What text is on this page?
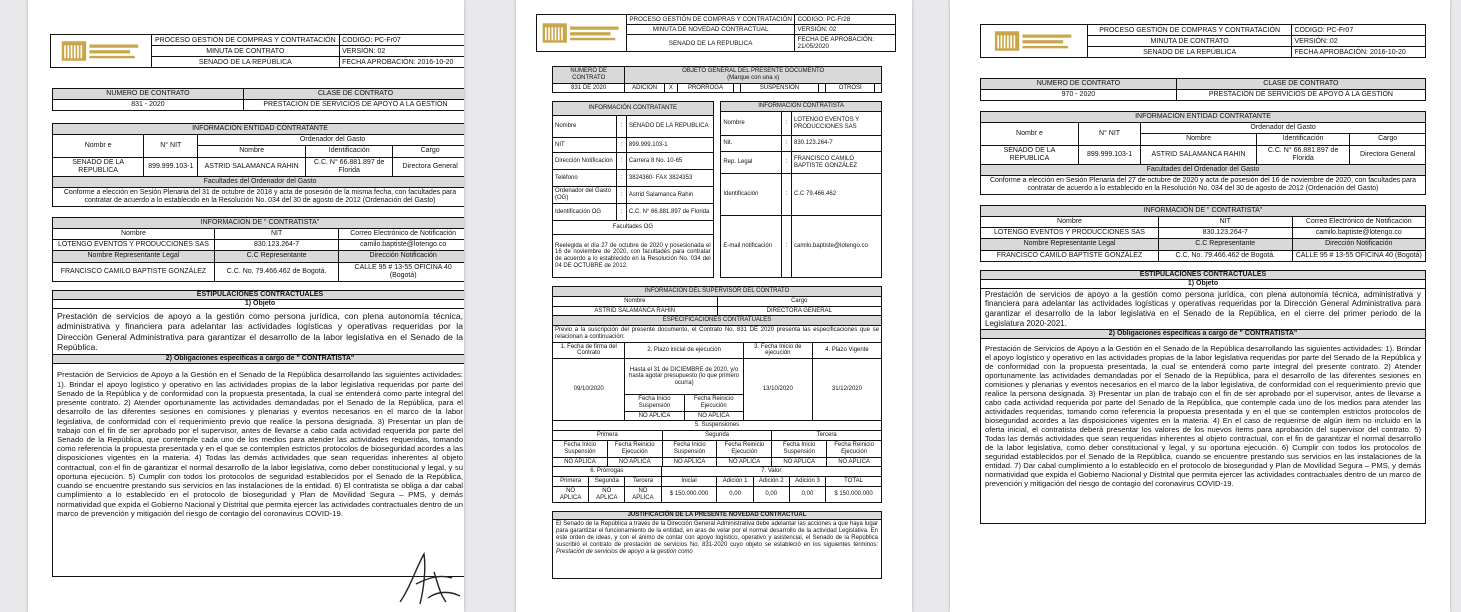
	PROCESO GESTIÓN DE COMPRAS Y CONTRATACIÓN	CODIGO: PC-Fr07
	MINUTA DE CONTRATO	VERSIÓN: 02
	SENADO DE LA REPÚBLICA	FECHA APROBACIÓN: 2016-10-20
NUMERO DE CONTRATO	CLASE DE CONTRATO
831 - 2020	PRESTACIÓN DE SERVICIOS DE APOYO A LA GESTIÓN
INFORMACIÓN ENTIDAD CONTRATANTE				
Nombr e	N° NIT	Ordenador del Gasto		
		Nombre	Identificación	Cargo
SENADO DE LA REPUBLICA	899.999.103-1	ASTRID SALAMANCA RAHIN	C.C. N° 66.881.897 de Florida	Directora General
Facultades del Ordenador del Gasto				
Conforme a elección en Sesión Plenaria del 31 de octubre de 2018 y acta de posesión de la misma fecha, con facultades para contratar de acuerdo a lo establecido en la Resolución No. 034 del 30 de agosto de 2012 (Ordenación del Gasto)				
INFORMACIÓN DE " CONTRATISTA"		
Nombre	NIT	Correo Electrónico de Notificación
LOTENGO EVENTOS Y PRODUCCIONES SAS	830.123.264-7	camilo.baptiste@lotengo.co
Nombre Representante Legal	C.C Representante	Dirección Notificación
FRANCISCO CAMILO BAPTISTE GONZÁLEZ	C.C. No. 79.466.462 de Bogotá.	CALLE 95 # 13-55 OFICINA 40 (Bogotá)
ESTIPULACIONES CONTRACTUALES
1) Objeto
Prestación de servicios de apoyo a la gestión como persona jurídica, con plena autonomía técnica, administrativa y financiera para adelantar las actividades logísticas y operativas requeridas por la Dirección General Administrativa para garantizar el desarrollo de la labor legislativa en el Senado de la República.
2) Obligaciones específicas a cargo de " CONTRATISTA"
Prestación de Servicios de Apoyo a la Gestión en el Senado de la República desarrollando las siguientes actividades: 1). Brindar el apoyo logístico y operativo en las actividades propias de la labor legislativa requeridas por parte del Senado de la República y de conformidad con la propuesta presentada, la cual se entenderá como parte integral del presente contrato. 2) Atender oportunamente las actividades demandadas por el Senado de la República, para el desarrollo de las diferentes sesiones en comisiones y plenarias y eventos necesarios en el marco de la labor legislativa, de conformidad con el requerimiento previo que realice la persona designada. 3) Presentar un plan de trabajo con el fin de ser aprobado por el supervisor, antes de llevarse a cabo cada actividad requerida por parte del Senado de la República, que contemple cada uno de los medios para atender las actividades requeridas, tomando como referencia la propuesta presentada y en el que se contemplen estrictos protocolos de bioseguridad acordes a las disposiciones vigentes en la materia. 4) Todas las demás actividades que sean requeridas inherentes al objeto contractual, con el fin de garantizar el normal desarrollo de la labor legislativa, como deber constitucional y legal, y su oportuna ejecución. 5) Cumplir con todos los protocolos de seguridad establecidos por el Senado de la República, cuando se encuentre prestando sus servicios en las instalaciones de la entidad. 6) El contratista se obliga a dar cabal cumplimiento a lo establecido en el protocolo de bioseguridad y Plan de Movilidad Segura – PMS, y demás normatividad que expida el Gobierno Nacional y Distrital que permita ejercer las actividades contractuales dentro de un marco de prevención y mitigación del riesgo de contagio del coronavirus COVID-19.
	PROCESO GESTIÓN DE COMPRAS Y CONTRATACIÓN	CODIGO: PC-Fr28
	MINUTA DE NOVEDAD CONTRACTUAL	VERSIÓN: 02
	SENADO DE LA REPUBLICA	FECHA DE APROBACIÓN: 21/05/2020
NUMERO DE CONTRATO	OBJETO GENERAL DEL PRESENTE DOCUMENTO
(Marque con una x)							

831 DE 2020	ADICIÓN	X	PRORROGA		SUSPENSIÓN		OTROSÍ	
INFORMACIÓN CONTRATANTE		
Nombre	:	SENADO DE LA REPUBLICA
NIT	:	899.999.103-1
Dirección Notificación	:	Carrera 8 No. 10-65
Teléfono	:	3824360- FAX 3824353
Ordenador del Gasto (OG)	:	Astrid Salamanca Rahin
Identificación OG	:	C.C. N° 66.881.897 de Florida
Facultades OG		
Reelegida el día 27 de octubre de 2020 y posesionada el 16 de noviembre de 2020, con facultades para contratar de acuerdo a lo establecido en la Resolución No. 034 del 04 DE OCTUBRE de 2012.		
INFORMACIÓN CONTRATISTA		
Nombre	:	LOTENGO EVENTOS Y PRODUCCIONES SAS
Nit.	:	830.123.264-7
Rep. Legal	:	FRANCISCO CAMILO BAPTISTE GONZÁLEZ
Identificación	:	C.C 79.466.462
E-mail notificación	:	camilo.baptiste@lotengo.co
INFORMACIÓN DEL SUPERVISOR DEL CONTRATO	
Nombre	Cargo
ASTRID SALAMANCA RAHIN	DIRECTORA GENERAL
ESPECIFICACIONES CONTRATUALES	
Previo a la suscripción del presente documento, el Contrato No. 831 DE 2020 presenta las especificaciones que se relacionan a continuación:	
1. Fecha de firma del Contrato	2. Plazo inicial de ejecución		3. Fecha Inicio de ejecución	4. Plazo Vigente
09/10/2020	Hasta el 31 de DICIEMBRE de 2020, y/o hasta agotar presupuesto (lo que primero ocurra)		13/10/2020	31/12/2020
	Fecha Inicio Suspensión	Fecha Reinicio Ejecución		
	NO APLICA	NO APLICA		
5. Suspensiones					
Primera		Segunda		Tercera	
Fecha Inicio Suspensión	Fecha Reinicio Ejecución	Fecha Inicio Suspensión	Fecha Reinicio Ejecución	Fecha Inicio Suspensión	Fecha Reinicio Ejecución
NO APLICA	NO APLICA	NO APLICA	NO APLICA	NO APLICA	NO APLICA
6. Prórrogas			7. Valor				
Primera	Segunda	Tercera	Inicial	Adición 1	Adición 2	Adición 3	TOTAL
NO APLICA	NO APLICA	NO APLICA	$ 150.000.000	0,00	0,00	0,00	$ 150.000.000
JUSTIFICACIÓN DE LA PRESENTE NOVEDAD CONTRACTUAL
El Senado de la República a través de la Dirección General Administrativa debe adelantar las acciones a que haya lugar para garantizar el funcionamiento de la entidad, en aras de velar por el normal desarrollo de la actividad Legislativa. En este orden de ideas, y con el ánimo de contar con apoyo logístico, operativo y asistencial, el Senado de la República suscribió el contrato de prestación de servicios No. 831-2020 cuyo objeto se estableció en los siguientes términos: Prestación de servicios de apoyo a la gestión como
	PROCESO GESTIÓN DE COMPRAS Y CONTRATACIÓN	CODIGO: PC-Fr07
	MINUTA DE CONTRATO	VERSIÓN: 02
	SENADO DE LA REPÚBLICA	FECHA APROBACIÓN: 2016-10-20
NUMERO DE CONTRATO	CLASE DE CONTRATO
970 - 2020	PRESTACIÓN DE SERVICIOS DE APOYO A LA GESTIÓN
INFORMACIÓN ENTIDAD CONTRATANTE				
Nombr e	N° NIT	Ordenador del Gasto		
		Nombre	Identificación	Cargo
SENADO DE LA REPUBLICA	899.999.103-1	ASTRID SALAMANCA RAHIN	C.C. N° 66.881.897 de Florida	Directora General
Facultades del Ordenador del Gasto				
Conforme a elección en Sesión Plenaria del 27 de octubre de 2020 y acta de posesión del 16 de noviembre de 2020, con facultades para contratar de acuerdo a lo establecido en la Resolución No. 034 del 30 de agosto de 2012 (Ordenación del Gasto)				
INFORMACIÓN DE " CONTRATISTA"		
Nombre	NIT	Correo Electrónico de Notificación
LOTENGO EVENTOS Y PRODUCCIONES SAS	830.123.264-7	camilo.baptiste@lotengo.co
Nombre Representante Legal	C.C Representante	Dirección Notificación
FRANCISCO CAMILO BAPTISTE GONZÁLEZ	C.C. No. 79.466.462 de Bogotá.	CALLE 95 # 13-55 OFICINA 40 (Bogotá)
ESTIPULACIONES CONTRACTUALES
1) Objeto
Prestación de servicios de apoyo a la gestión como persona jurídica, con plena autonomía técnica, administrativa y financiera para adelantar las actividades logísticas y operativas requeridas por la Dirección General Administrativa para garantizar el desarrollo de la labor legislativa en el Senado de la República, en el cierre del primer periodo de la Legislatura 2020-2021.
2) Obligaciones específicas a cargo de " CONTRATISTA"
Prestación de Servicios de Apoyo a la Gestión en el Senado de la República desarrollando las siguientes actividades: 1). Brindar el apoyo logístico y operativo en las actividades propias de la labor legislativa requeridas por parte del Senado de la República y de conformidad con la propuesta presentada, la cual se entenderá como parte integral del presente contrato. 2) Atender oportunamente las actividades demandadas por el Senado de la República, para el desarrollo de las diferentes sesiones en comisiones y plenarias y eventos necesarios en el marco de la labor legislativa, de conformidad con el requerimiento previo que realice la persona designada. 3) Presentar un plan de trabajo con el fin de ser aprobado por el supervisor, antes de llevarse a cabo cada actividad requerida por parte del Senado de la República, que contemple cada uno de los medios para atender las actividades requeridas, tomando como referencia la propuesta presentada y en el que se contemplen estrictos protocolos de bioseguridad acordes a las disposiciones vigentes en la materia. 4) En el caso de requerirse de algún ítem no incluido en la oferta inicial, el contratista deberá presentar los valores de los nuevos ítems para aprobación del supervisor del contrato. 5) Todas las demás actividades que sean requeridas inherentes al objeto contractual, con el fin de garantizar el normal desarrollo de la labor legislativa, como deber constitucional y legal, y su oportuna ejecución. 6) Cumplir con todos los protocolos de seguridad establecidos por el Senado de la República, cuando se encuentre prestando sus servicios en las instalaciones de la entidad. 7) Dar cabal cumplimiento a lo establecido en el protocolo de bioseguridad y Plan de Movilidad Segura – PMS, y demás normatividad que expida el Gobierno Nacional y Distrital que permita ejercer las actividades contractuales dentro de un marco de prevención y mitigación del riesgo de contagio del coronavirus COVID-19.
